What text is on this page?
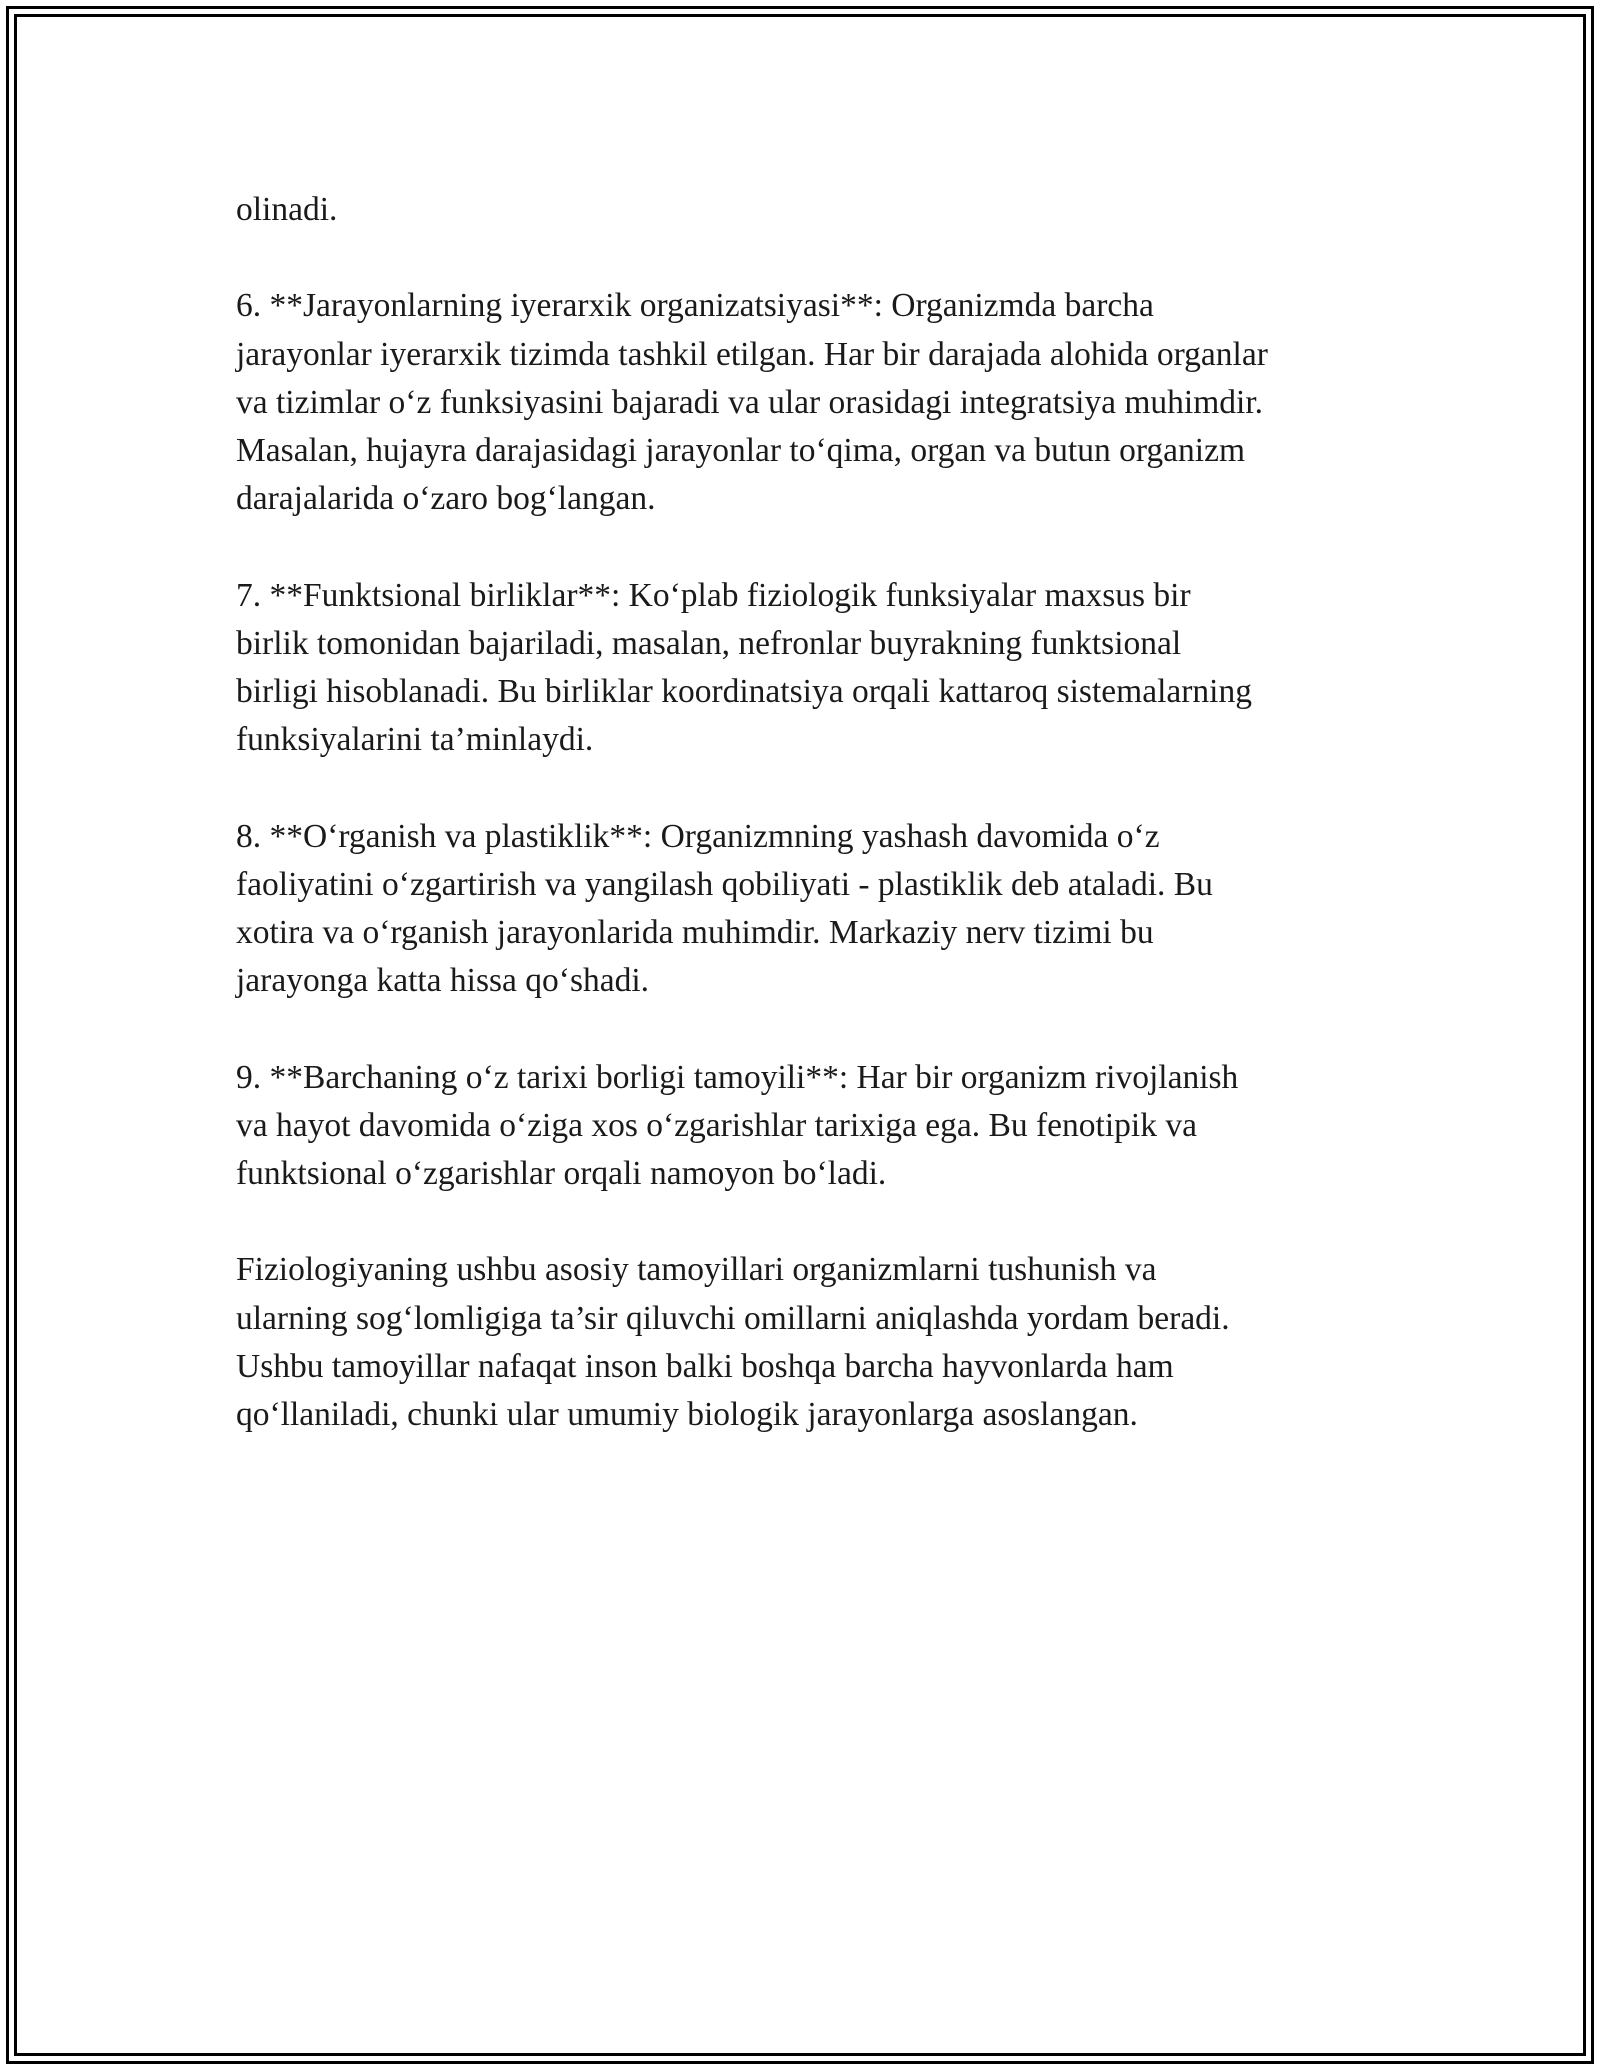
olinadi.

6. **Jarayonlarning iyerarxik organizatsiyasi**: Organizmda barcha
jarayonlar iyerarxik tizimda tashkil etilgan. Har bir darajada alohida organlar
va tizimlar o‘z funksiyasini bajaradi va ular orasidagi integratsiya muhimdir.
Masalan, hujayra darajasidagi jarayonlar to‘qima, organ va butun organizm
darajalarida o‘zaro bog‘langan.

7. **Funktsional birliklar**: Ko‘plab fiziologik funksiyalar maxsus bir
birlik tomonidan bajariladi, masalan, nefronlar buyrakning funktsional
birligi hisoblanadi. Bu birliklar koordinatsiya orqali kattaroq sistemalarning
funksiyalarini ta’minlaydi.

8. **O‘rganish va plastiklik**: Organizmning yashash davomida o‘z
faoliyatini o‘zgartirish va yangilash qobiliyati - plastiklik deb ataladi. Bu
xotira va o‘rganish jarayonlarida muhimdir. Markaziy nerv tizimi bu
jarayonga katta hissa qo‘shadi.

9. **Barchaning o‘z tarixi borligi tamoyili**: Har bir organizm rivojlanish
va hayot davomida o‘ziga xos o‘zgarishlar tarixiga ega. Bu fenotipik va
funktsional o‘zgarishlar orqali namoyon bo‘ladi.

Fiziologiyaning ushbu asosiy tamoyillari organizmlarni tushunish va
ularning sog‘lomligiga ta’sir qiluvchi omillarni aniqlashda yordam beradi.
Ushbu tamoyillar nafaqat inson balki boshqa barcha hayvonlarda ham
qo‘llaniladi, chunki ular umumiy biologik jarayonlarga asoslangan.
